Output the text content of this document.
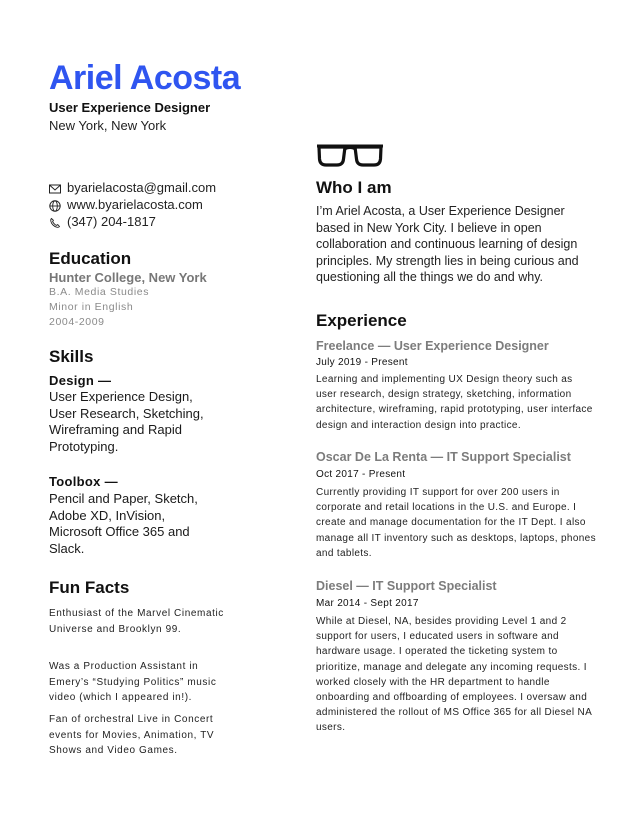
Ariel Acosta
User Experience Designer
New York, New York
byarielacosta@gmail.com
www.byarielacosta.com
(347) 204-1817
Education
Hunter College, New York
B.A. Media Studies
Minor in English
2004-2009
Skills
Design —
User Experience Design, User Research, Sketching, Wireframing and Rapid Prototyping.
Toolbox —
Pencil and Paper, Sketch, Adobe XD, InVision, Microsoft Office 365 and Slack.
Fun Facts
Enthusiast of the Marvel Cinematic Universe and Brooklyn 99.
Was a Production Assistant in Emery’s “Studying Politics” music video (which I appeared in!).
Fan of orchestral Live in Concert events for Movies, Animation, TV Shows and Video Games.
Who I am
I’m Ariel Acosta, a User Experience Designer based in New York City. I believe in open collaboration and continuous learning of design principles. My strength lies in being curious and questioning all the things we do and why.
Experience
Freelance — User Experience Designer
July 2019 - Present
Learning and implementing UX Design theory such as user research, design strategy, sketching, information architecture, wireframing, rapid prototyping, user interface design and interaction design into practice.
Oscar De La Renta — IT Support Specialist
Oct 2017 - Present
Currently providing IT support for over 200 users in corporate and retail locations in the U.S. and Europe. I create and manage documentation for the IT Dept. I also manage all IT inventory such as desktops, laptops, phones and tablets.
Diesel — IT Support Specialist
Mar 2014 - Sept 2017
While at Diesel, NA, besides providing Level 1 and 2 support for users, I educated users in software and hardware usage. I operated the ticketing system to prioritize, manage and delegate any incoming requests. I worked closely with the HR department to handle onboarding and offboarding of employees. I oversaw and administered the rollout of MS Office 365 for all Diesel NA users.
